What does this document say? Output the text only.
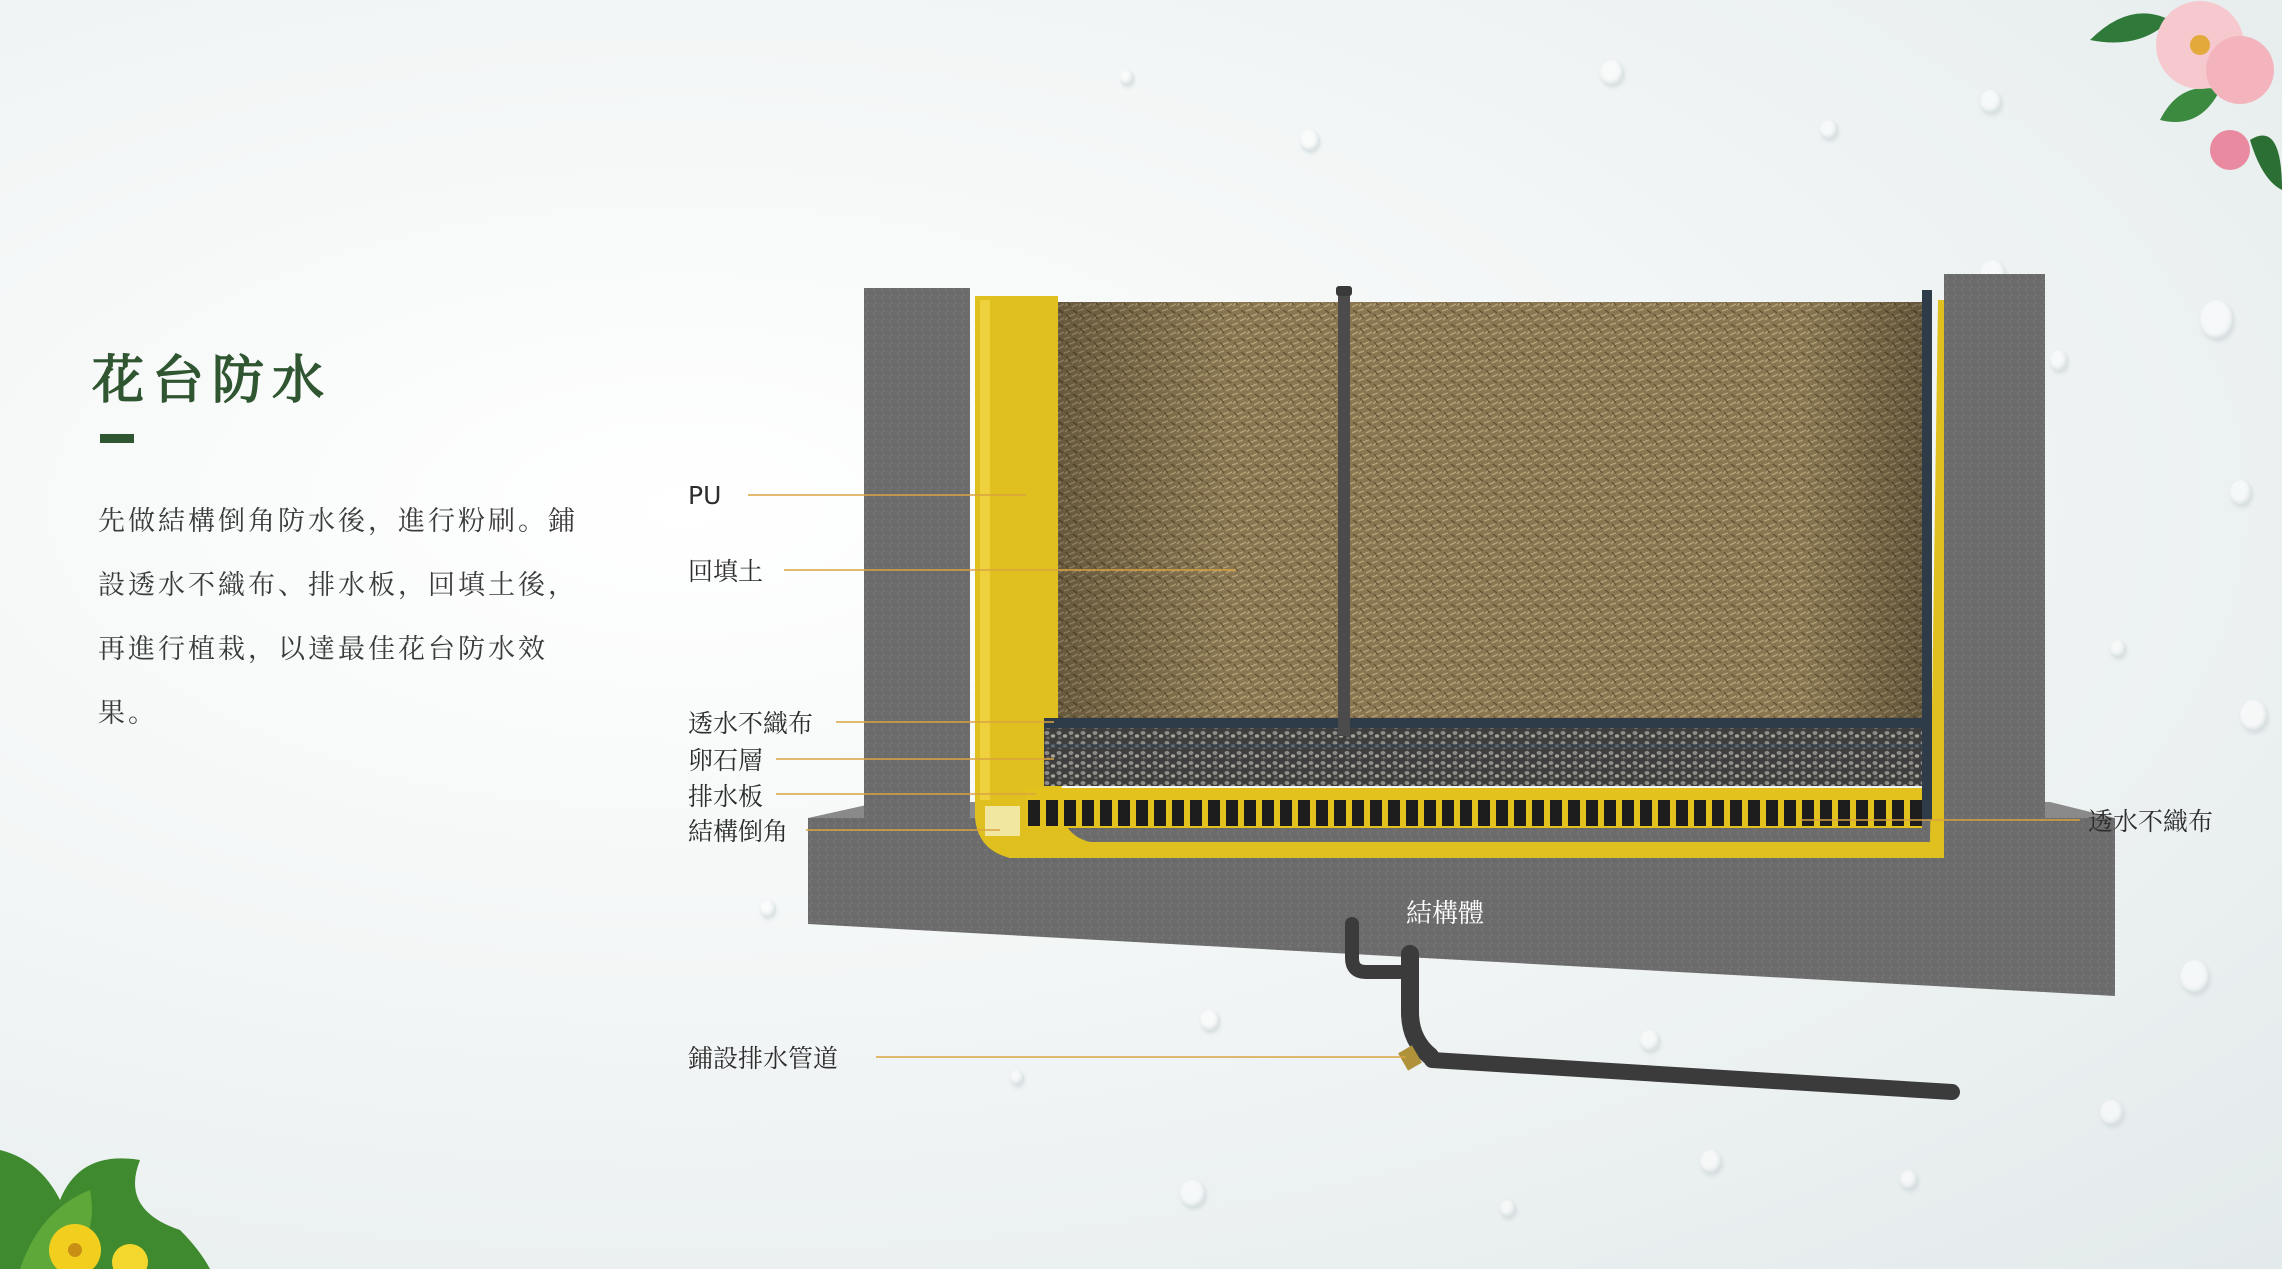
花台防水

先做結構倒角防水後，進行粉刷。鋪設透水不織布、排水板，回填土後，再進行植栽，以達最佳花台防水效果。

PU
回填土
透水不織布
卵石層
排水板
結構倒角	透水不織布
結構體
鋪設排水管道
